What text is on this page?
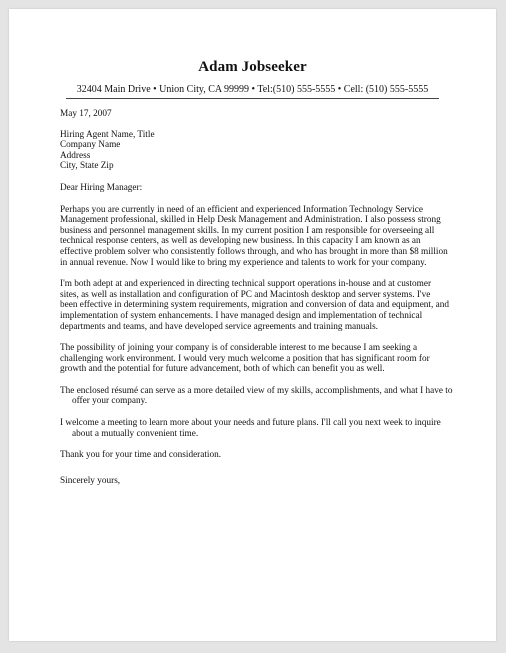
Adam Jobseeker
32404 Main Drive • Union City, CA 99999 • Tel:(510) 555-5555 • Cell: (510) 555-5555

May 17, 2007

Hiring Agent Name, Title

Company Name

Address

City, State Zip

Dear Hiring Manager:

Perhaps you are currently in need of an efficient and experienced Information Technology Service

Management professional, skilled in Help Desk Management and Administration. I also possess strong

business and personnel management skills. In my current position I am responsible for overseeing all

technical response centers, as well as developing new business. In this capacity I am known as an

effective problem solver who consistently follows through, and who has brought in more than $8 million

in annual revenue. Now I would like to bring my experience and talents to work for your company.

I'm both adept at and experienced in directing technical support operations in-house and at customer

sites, as well as installation and configuration of PC and Macintosh desktop and server systems. I've

been effective in determining system requirements, migration and conversion of data and equipment, and

implementation of system enhancements. I have managed design and implementation of technical

departments and teams, and have developed service agreements and training manuals.

The possibility of joining your company is of considerable interest to me because I am seeking a

challenging work environment. I would very much welcome a position that has significant room for

growth and the potential for future advancement, both of which can benefit you as well.

The enclosed résumé can serve as a more detailed view of my skills, accomplishments, and what I have to

offer your company.

I welcome a meeting to learn more about your needs and future plans. I'll call you next week to inquire

about a mutually convenient time.

Thank you for your time and consideration.

Sincerely yours,
